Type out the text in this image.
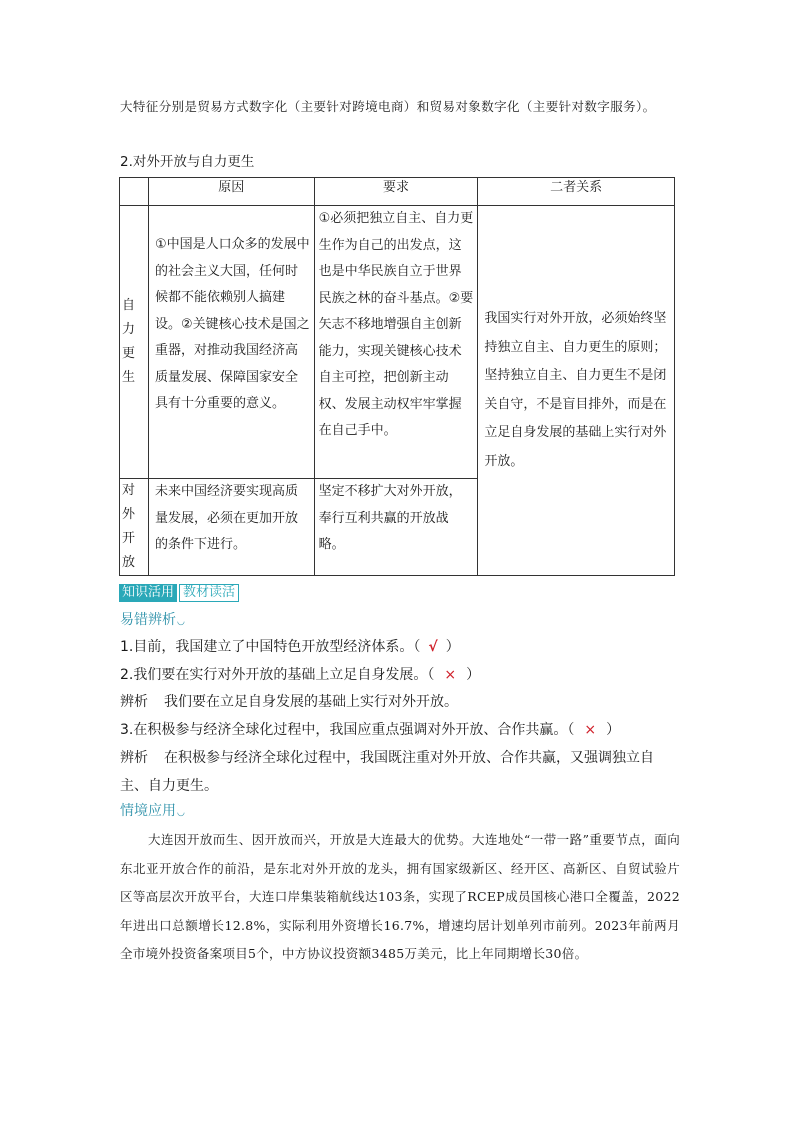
大特征分别是贸易方式数字化（主要针对跨境电商）和贸易对象数字化（主要针对数字服务）。
2.对外开放与自力更生
	原因	要求	二者关系
自力更生	①中国是人口众多的发展中的社会主义大国，任何时候都不能依赖别人搞建设。②关键核心技术是国之重器，对推动我国经济高质量发展、保障国家安全具有十分重要的意义。	①必须把独立自主、自力更生作为自己的出发点，这也是中华民族自立于世界民族之林的奋斗基点。②要矢志不移地增强自主创新能力，实现关键核心技术自主可控，把创新主动权、发展主动权牢牢掌握在自己手中。	我国实行对外开放，必须始终坚持独立自主、自力更生的原则；坚持独立自主、自力更生不是闭关自守，不是盲目排外，而是在立足自身发展的基础上实行对外开放。
对外开放	未来中国经济要实现高质量发展，必须在更加开放的条件下进行。	坚定不移扩大对外开放，奉行互利共赢的开放战略。	
知识活用 教材读活
易错辨析◡
1.目前，我国建立了中国特色开放型经济体系。（ √ ）
2.我们要在实行对外开放的基础上立足自身发展。（ × ）
辨析 我们要在立足自身发展的基础上实行对外开放。
3.在积极参与经济全球化过程中，我国应重点强调对外开放、合作共赢。（ × ）
辨析 在积极参与经济全球化过程中，我国既注重对外开放、合作共赢，又强调独立自主、自力更生。
情境应用◡
大连因开放而生、因开放而兴，开放是大连最大的优势。大连地处“一带一路”重要节点，面向东北亚开放合作的前沿，是东北对外开放的龙头，拥有国家级新区、经开区、高新区、自贸试验片区等高层次开放平台，大连口岸集装箱航线达103条，实现了RCEP成员国核心港口全覆盖，2022年进出口总额增长12.8%，实际利用外资增长16.7%，增速均居计划单列市前列。2023年前两月全市境外投资备案项目5个，中方协议投资额3485万美元，比上年同期增长30倍。
